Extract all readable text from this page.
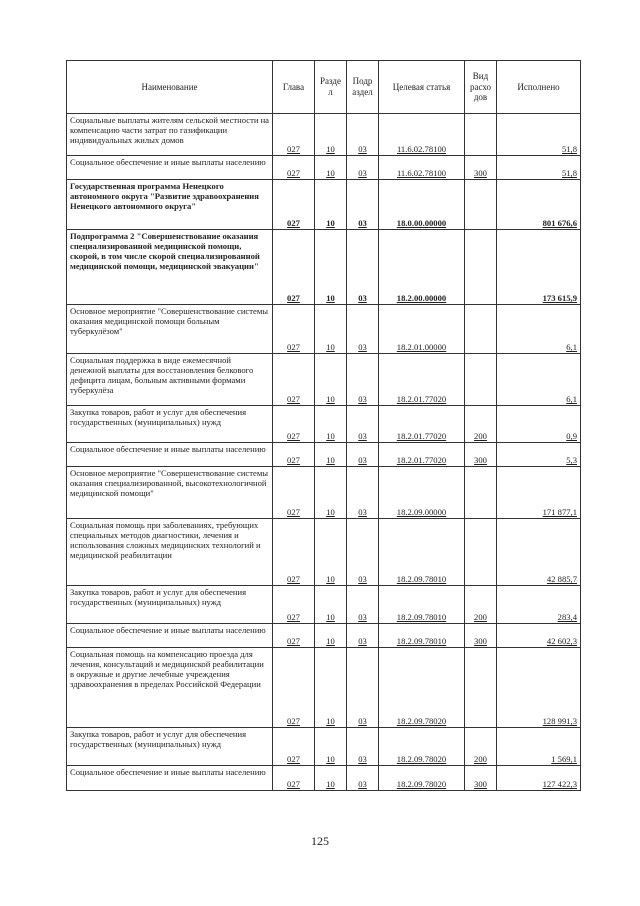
Наименование	Глава	Разде л	Подр аздел	Целевая статья	Вид расхо дов	Исполнено
Социальные выплаты жителям сельской местности на компенсацию части затрат по газификации индивидуальных жилых домов	027	10	03	11.6.02.78100		51,8
Социальное обеспечение и иные выплаты населению	027	10	03	11.6.02.78100	300	51,8
Государственная программа Ненецкого автономного округа "Развитие здравоохранения Ненецкого автономного округа"	027	10	03	18.0.00.00000		801 676,6
Подпрограмма 2 "Совершенствование оказания специализированной медицинской помощи, скорой, в том числе скорой специализированной медицинской помощи, медицинской эвакуации"	027	10	03	18.2.00.00000		173 615,9
Основное мероприятие "Совершенствование системы оказания медицинской помощи больным туберкулёзом"	027	10	03	18.2.01.00000		6,1
Социальная поддержка в виде ежемесячной денежной выплаты для восстановления белкового дефицита лицам, больным активными формами туберкулёза	027	10	03	18.2.01.77020		6,1
Закупка товаров, работ и услуг для обеспечения государственных (муниципальных) нужд	027	10	03	18.2.01.77020	200	0,9
Социальное обеспечение и иные выплаты населению	027	10	03	18.2.01.77020	300	5,3
Основное мероприятие "Совершенствование системы оказания специализированной, высокотехнологичной медицинской помощи"	027	10	03	18.2.09.00000		171 877,1
Социальная помощь при заболеваниях, требующих специальных методов диагностики, лечения и использования сложных медицинских технологий и медицинской реабилитации	027	10	03	18.2.09.78010		42 885,7
Закупка товаров, работ и услуг для обеспечения государственных (муниципальных) нужд	027	10	03	18.2.09.78010	200	283,4
Социальное обеспечение и иные выплаты населению	027	10	03	18.2.09.78010	300	42 602,3
Социальная помощь на компенсацию проезда для лечения, консультаций и медицинской реабилитации в окружные и другие лечебные учреждения здравоохранения в пределах Российской Федерации	027	10	03	18.2.09.78020		128 991,3
Закупка товаров, работ и услуг для обеспечения государственных (муниципальных) нужд	027	10	03	18.2.09.78020	200	1 569,1
Социальное обеспечение и иные выплаты населению	027	10	03	18.2.09.78020	300	127 422,3
125
